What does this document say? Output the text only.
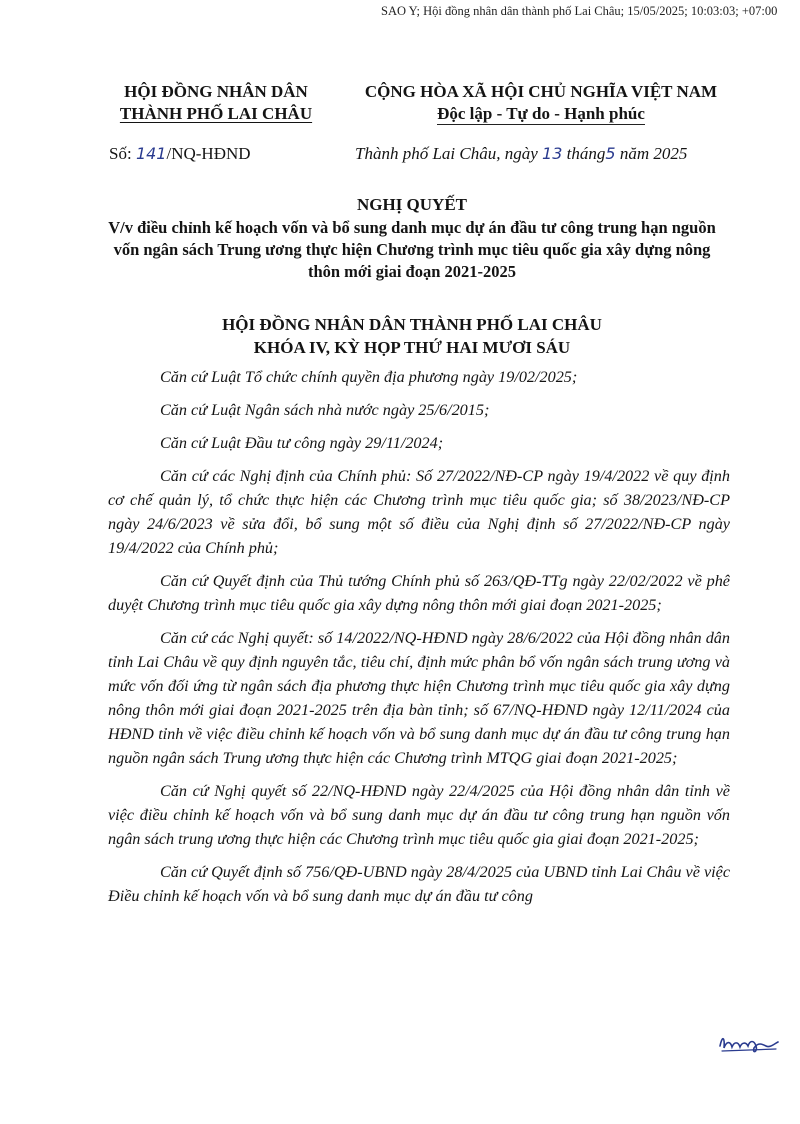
SAO Y; Hội đồng nhân dân thành phố Lai Châu; 15/05/2025; 10:03:03; +07:00
HỘI ĐỒNG NHÂN DÂN
THÀNH PHỐ LAI CHÂU
CỘNG HÒA XÃ HỘI CHỦ NGHĨA VIỆT NAM
Độc lập - Tự do - Hạnh phúc
Số: 141/NQ-HĐND	Thành phố Lai Châu, ngày 13 tháng5 năm 2025
NGHỊ QUYẾT
V/v điều chỉnh kế hoạch vốn và bổ sung danh mục dự án đầu tư công trung hạn nguồn vốn ngân sách Trung ương thực hiện Chương trình mục tiêu quốc gia xây dựng nông thôn mới giai đoạn 2021-2025
HỘI ĐỒNG NHÂN DÂN THÀNH PHỐ LAI CHÂU
KHÓA IV, KỲ HỌP THỨ HAI MƯƠI SÁU

Căn cứ Luật Tổ chức chính quyền địa phương ngày 19/02/2025;

Căn cứ Luật Ngân sách nhà nước ngày 25/6/2015;

Căn cứ Luật Đầu tư công ngày 29/11/2024;

Căn cứ các Nghị định của Chính phủ: Số 27/2022/NĐ-CP ngày 19/4/2022 về quy định cơ chế quản lý, tổ chức thực hiện các Chương trình mục tiêu quốc gia; số 38/2023/NĐ-CP ngày 24/6/2023 về sửa đổi, bổ sung một số điều của Nghị định số 27/2022/NĐ-CP ngày 19/4/2022 của Chính phủ;

Căn cứ Quyết định của Thủ tướng Chính phủ số 263/QĐ-TTg ngày 22/02/2022 về phê duyệt Chương trình mục tiêu quốc gia xây dựng nông thôn mới giai đoạn 2021-2025;

Căn cứ các Nghị quyết: số 14/2022/NQ-HĐND ngày 28/6/2022 của Hội đồng nhân dân tỉnh Lai Châu về quy định nguyên tắc, tiêu chí, định mức phân bổ vốn ngân sách trung ương và mức vốn đối ứng từ ngân sách địa phương thực hiện Chương trình mục tiêu quốc gia xây dựng nông thôn mới giai đoạn 2021-2025 trên địa bàn tỉnh; số 67/NQ-HĐND ngày 12/11/2024 của HĐND tỉnh về việc điều chỉnh kế hoạch vốn và bổ sung danh mục dự án đầu tư công trung hạn nguồn ngân sách Trung ương thực hiện các Chương trình MTQG giai đoạn 2021-2025;

Căn cứ Nghị quyết số 22/NQ-HĐND ngày 22/4/2025 của Hội đồng nhân dân tỉnh về việc điều chỉnh kế hoạch vốn và bổ sung danh mục dự án đầu tư công trung hạn nguồn vốn ngân sách trung ương thực hiện các Chương trình mục tiêu quốc gia giai đoạn 2021-2025;

Căn cứ Quyết định số 756/QĐ-UBND ngày 28/4/2025 của UBND tỉnh Lai Châu về việc Điều chỉnh kế hoạch vốn và bổ sung danh mục dự án đầu tư công
